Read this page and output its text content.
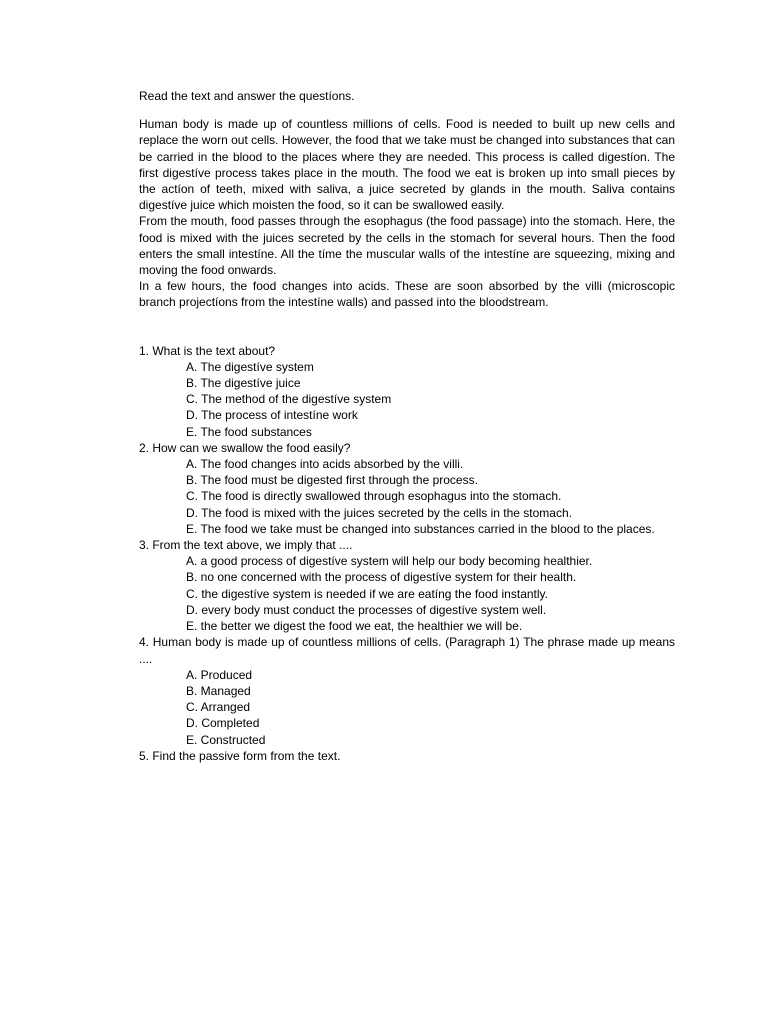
Read the text and answer the questíons.

Human body is made up of countless millions of cells. Food is needed to built up new cells and replace the worn out cells. However, the food that we take must be changed into substances that can be carried in the blood to the places where they are needed. This process is called digestíon. The first digestíve process takes place in the mouth. The food we eat is broken up into small pieces by the actíon of teeth, mixed with saliva, a juice secreted by glands in the mouth. Saliva contains digestíve juice which moisten the food, so it can be swallowed easily.

From the mouth, food passes through the esophagus (the food passage) into the stomach. Here, the food is mixed with the juices secreted by the cells in the stomach for several hours. Then the food enters the small intestíne. All the tíme the muscular walls of the intestíne are squeezing, mixing and moving the food onwards.

In a few hours, the food changes into acids. These are soon absorbed by the villi (microscopic branch projectíons from the intestíne walls) and passed into the bloodstream.

1. What is the text about?

A. The digestíve system
B. The digestíve juice
C. The method of the digestíve system
D. The process of intestíne work
E. The food substances

2. How can we swallow the food easily?

A. The food changes into acids absorbed by the villi.
B. The food must be digested first through the process.
C. The food is directly swallowed through esophagus into the stomach.
D. The food is mixed with the juices secreted by the cells in the stomach.
E. The food we take must be changed into substances carried in the blood to the places.

3. From the text above, we imply that ....

A. a good process of digestíve system will help our body becoming healthier.
B. no one concerned with the process of digestíve system for their health.
C. the digestíve system is needed if we are eatíng the food instantly.
D. every body must conduct the processes of digestíve system well.
E. the better we digest the food we eat, the healthier we will be.

4. Human body is made up of countless millions of cells. (Paragraph 1) The phrase made up means ....

A. Produced
B. Managed
C. Arranged
D. Completed
E. Constructed

5. Find the passive form from the text.
